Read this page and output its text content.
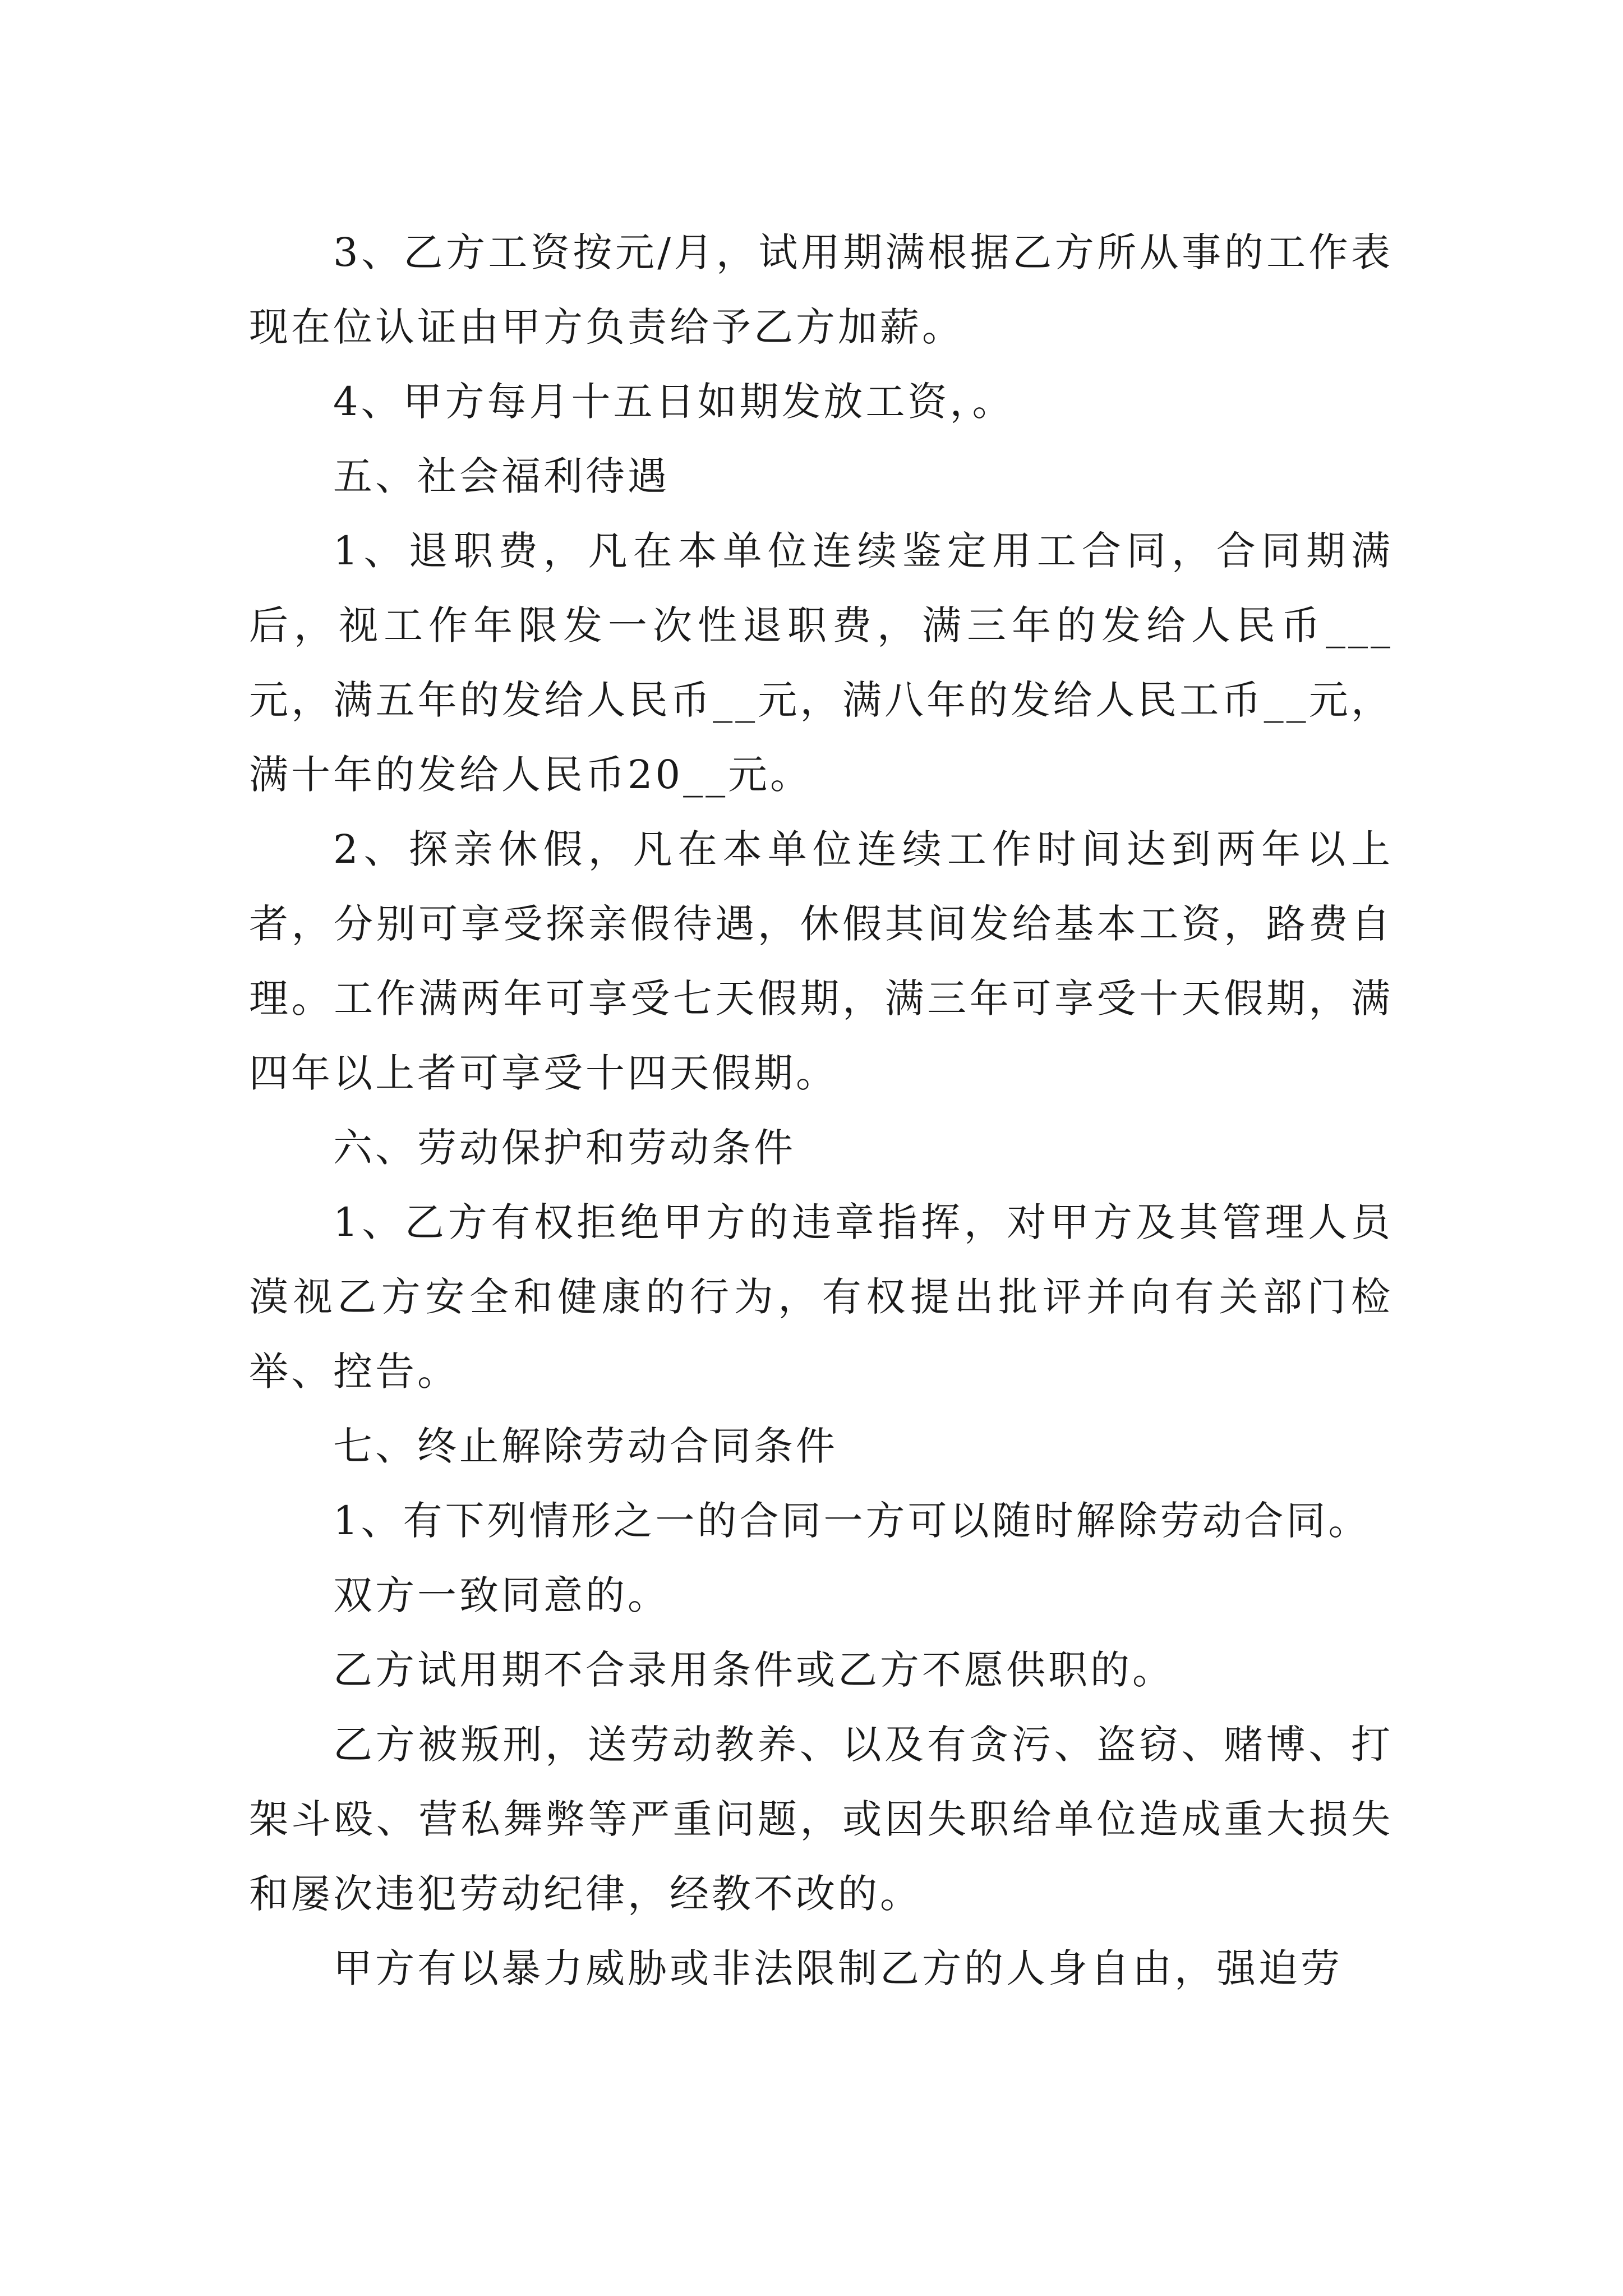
3、乙方工资按元/月，试用期满根据乙方所从事的工作表现在位认证由甲方负责给予乙方加薪。

4、甲方每月十五日如期发放工资，。

五、社会福利待遇

1、退职费，凡在本单位连续鉴定用工合同，合同期满后，视工作年限发一次性退职费，满三年的发给人民币___元，满五年的发给人民币__元，满八年的发给人民工币__元，满十年的发给人民币20__元。

2、探亲休假，凡在本单位连续工作时间达到两年以上者，分别可享受探亲假待遇，休假其间发给基本工资，路费自理。工作满两年可享受七天假期，满三年可享受十天假期，满四年以上者可享受十四天假期。

六、劳动保护和劳动条件

1、乙方有权拒绝甲方的违章指挥，对甲方及其管理人员漠视乙方安全和健康的行为，有权提出批评并向有关部门检举、控告。

七、终止解除劳动合同条件

1、有下列情形之一的合同一方可以随时解除劳动合同。

双方一致同意的。

乙方试用期不合录用条件或乙方不愿供职的。

乙方被叛刑，送劳动教养、以及有贪污、盗窃、赌博、打架斗殴、营私舞弊等严重问题，或因失职给单位造成重大损失和屡次违犯劳动纪律，经教不改的。

甲方有以暴力威胁或非法限制乙方的人身自由，强迫劳
